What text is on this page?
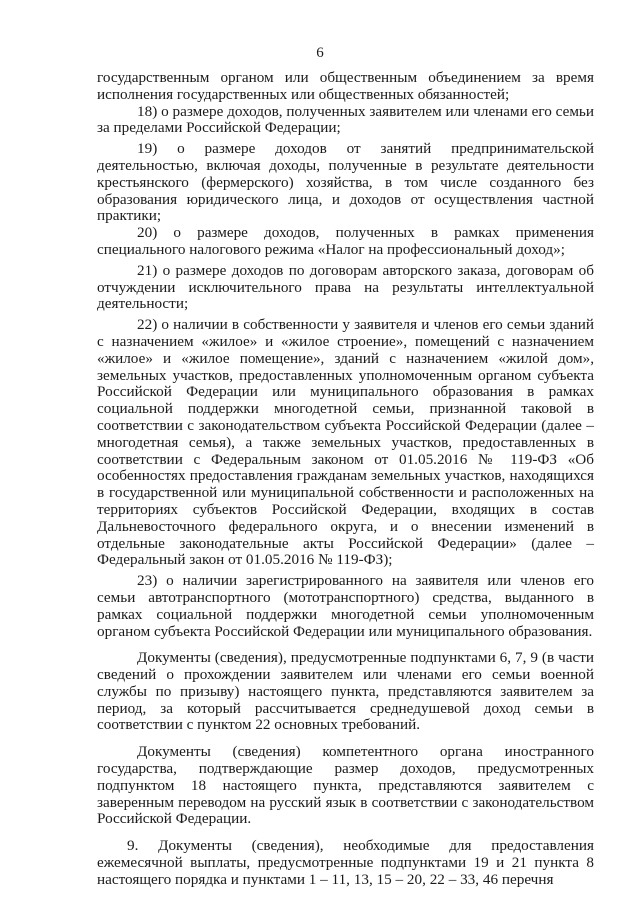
6

государственным органом или общественным объединением за время исполнения государственных или общественных обязанностей;

18) о размере доходов, полученных заявителем или членами его семьи за пределами Российской Федерации;

19) о размере доходов от занятий предпринимательской деятельностью, включая доходы, полученные в результате деятельности крестьянского (фермерского) хозяйства, в том числе созданного без образования юридического лица, и доходов от осуществления частной практики;

20) о размере доходов, полученных в рамках применения специального налогового режима «Налог на профессиональный доход»;

21) о размере доходов по договорам авторского заказа, договорам об отчуждении исключительного права на результаты интеллектуальной деятельности;

22) о наличии в собственности у заявителя и членов его семьи зданий с назначением «жилое» и «жилое строение», помещений с назначением «жилое» и «жилое помещение», зданий с назначением «жилой дом», земельных участков, предоставленных уполномоченным органом субъекта Российской Федерации или муниципального образования в рамках социальной поддержки многодетной семьи, признанной таковой в соответствии с законодательством субъекта Российской Федерации (далее – многодетная семья), а также земельных участков, предоставленных в соответствии с Федеральным законом от 01.05.2016 № 119-ФЗ «Об особенностях предоставления гражданам земельных участков, находящихся в государственной или муниципальной собственности и расположенных на территориях субъектов Российской Федерации, входящих в состав Дальневосточного федерального округа, и о внесении изменений в отдельные законодательные акты Российской Федерации» (далее – Федеральный закон от 01.05.2016 № 119-ФЗ);

23) о наличии зарегистрированного на заявителя или членов его семьи автотранспортного (мототранспортного) средства, выданного в рамках социальной поддержки многодетной семьи уполномоченным органом субъекта Российской Федерации или муниципального образования.

Документы (сведения), предусмотренные подпунктами 6, 7, 9 (в части сведений о прохождении заявителем или членами его семьи военной службы по призыву) настоящего пункта, представляются заявителем за период, за который рассчитывается среднедушевой доход семьи в соответствии с пунктом 22 основных требований.

Документы (сведения) компетентного органа иностранного государства, подтверждающие размер доходов, предусмотренных подпунктом 18 настоящего пункта, представляются заявителем с заверенным переводом на русский язык в соответствии с законодательством Российской Федерации.

9. Документы (сведения), необходимые для предоставления ежемесячной выплаты, предусмотренные подпунктами 19 и 21 пункта 8 настоящего порядка и пунктами 1 – 11, 13, 15 – 20, 22 – 33, 46 перечня
